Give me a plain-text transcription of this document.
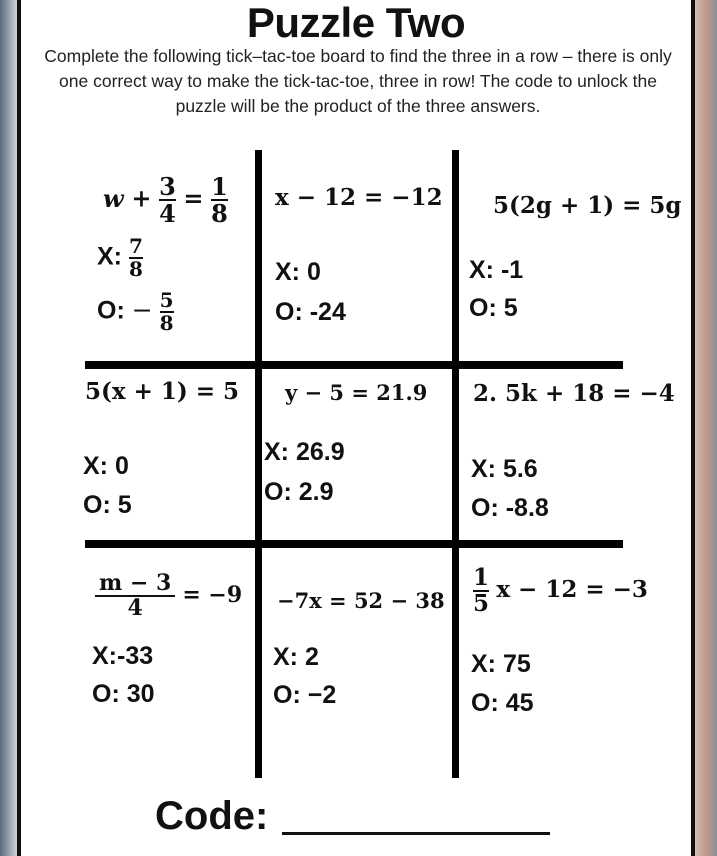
Puzzle Two
Complete the following tick–tac-toe board to find the three in a row – there is only one correct way to make the tick-tac-toe, three in row! The code to unlock the puzzle will be the product of the three answers.
$w + \frac{3}{4} = \frac{1}{8}$
X: $\frac{7}{8}$
O: − $\frac{5}{8}$
x − 12 = −12
X: 0
O: -24
5(2g + 1) = 5g
X: -1
O: 5
5(x + 1) = 5
X: 0
O: 5
y − 5 = 21.9
X: 26.9
O: 2.9
2. 5k + 18 = −4
X: 5.6
O: -8.8
$\frac{m - 3}{4} = -9$
X:-33
O: 30
−7x = 52 − 38
X: 2
O: −2
$\frac{1}{5}$ x − 12 = −3
X: 75
O: 45
Code:
